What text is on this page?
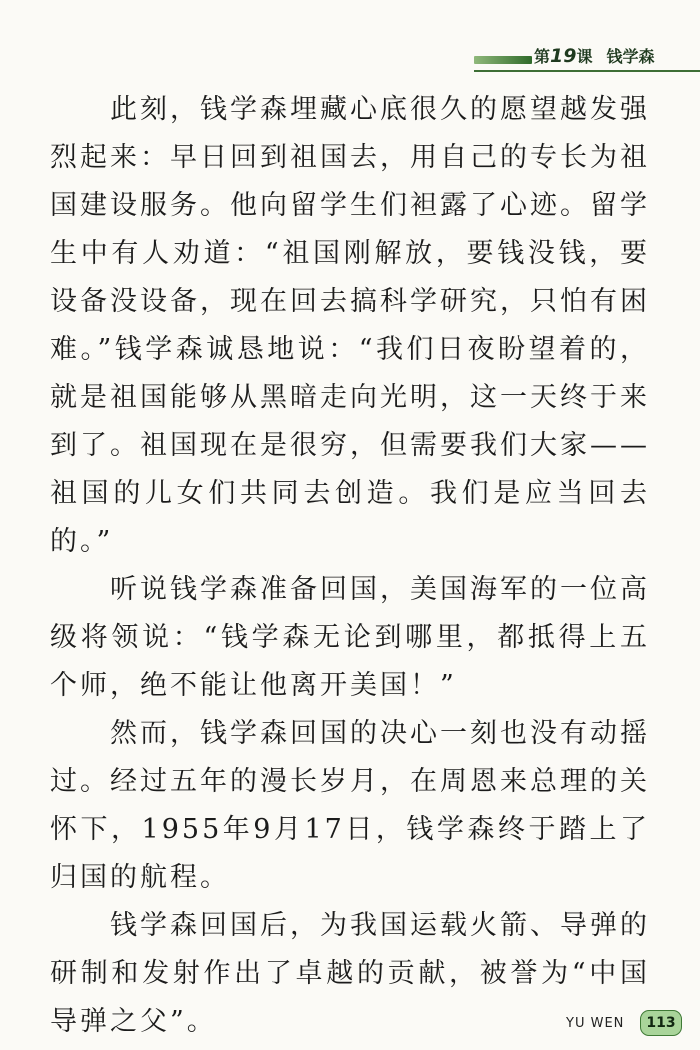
第19课 钱学森

此刻，钱学森埋藏心底很久的愿望越发强烈起来：早日回到祖国去，用自己的专长为祖国建设服务。他向留学生们袒露了心迹。留学生中有人劝道：“祖国刚解放，要钱没钱，要设备没设备，现在回去搞科学研究，只怕有困难。”钱学森诚恳地说：“我们日夜盼望着的，就是祖国能够从黑暗走向光明，这一天终于来到了。祖国现在是很穷，但需要我们大家——祖国的儿女们共同去创造。我们是应当回去的。”

听说钱学森准备回国，美国海军的一位高级将领说：“钱学森无论到哪里，都抵得上五个师，绝不能让他离开美国！”

然而，钱学森回国的决心一刻也没有动摇过。经过五年的漫长岁月，在周恩来总理的关怀下，1955年9月17日，钱学森终于踏上了归国的航程。

钱学森回国后，为我国运载火箭、导弹的研制和发射作出了卓越的贡献，被誉为“中国导弹之父”。	YU WEN	113
